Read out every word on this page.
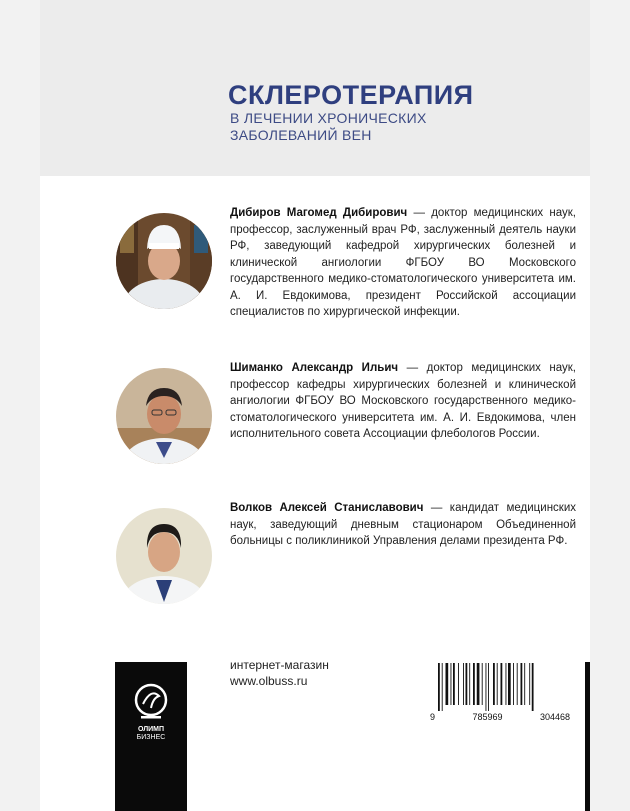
СКЛЕРОТЕРАПИЯ

В ЛЕЧЕНИИ ХРОНИЧЕСКИХ
ЗАБОЛЕВАНИЙ ВЕН

Дибиров Магомед Дибирович — доктор медицинских наук, профессор, заслуженный врач РФ, заслуженный деятель науки РФ, заведующий кафедрой хирургических болезней и клинической ангиологии ФГБОУ ВО Московского государственного медико-стоматологического университета им. А. И. Евдокимова, президент Российской ассоциации специалистов по хирургической инфекции.

Шиманко Александр Ильич — доктор медицинских наук, профессор кафедры хирургических болезней и клинической ангиологии ФГБОУ ВО Московского государственного медико-стоматологического университета им. А. И. Евдокимова, член исполнительного совета Ассоциации флебологов России.

Волков Алексей Станиславович — кандидат медицинских наук, заведующий дневным стационаром Объединенной больницы с поликлиникой Управления делами президента РФ.

ОЛИМП
БИЗНЕС

интернет-магазин
www.olbuss.ru

9	785969	304468
